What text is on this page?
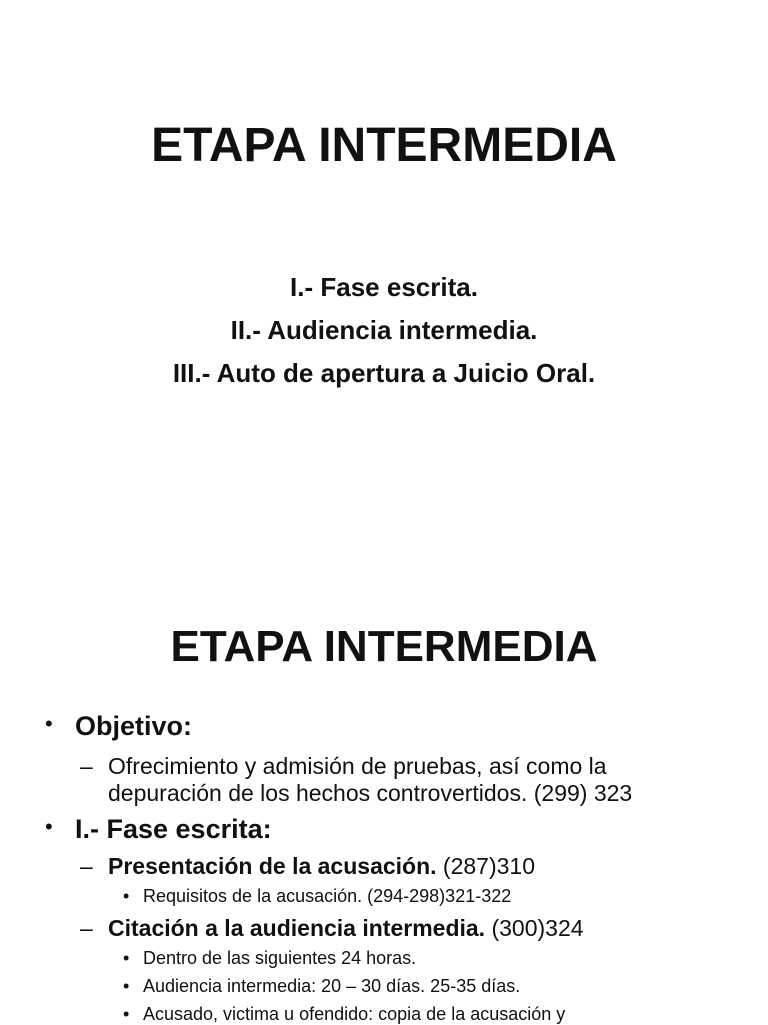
ETAPA INTERMEDIA
I.- Fase escrita.
II.- Audiencia intermedia.
III.- Auto de apertura a Juicio Oral.
ETAPA INTERMEDIA
• Objetivo:
– Ofrecimiento y admisión de pruebas, así como la
depuración de los hechos controvertidos. (299) 323
• I.- Fase escrita:
– Presentación de la acusación. (287)310
• Requisitos de la acusación. (294-298)321-322
– Citación a la audiencia intermedia. (300)324
• Dentro de las siguientes 24 horas.
• Audiencia intermedia: 20 – 30 días. 25-35 días.
• Acusado, victima u ofendido: copia de la acusación y
